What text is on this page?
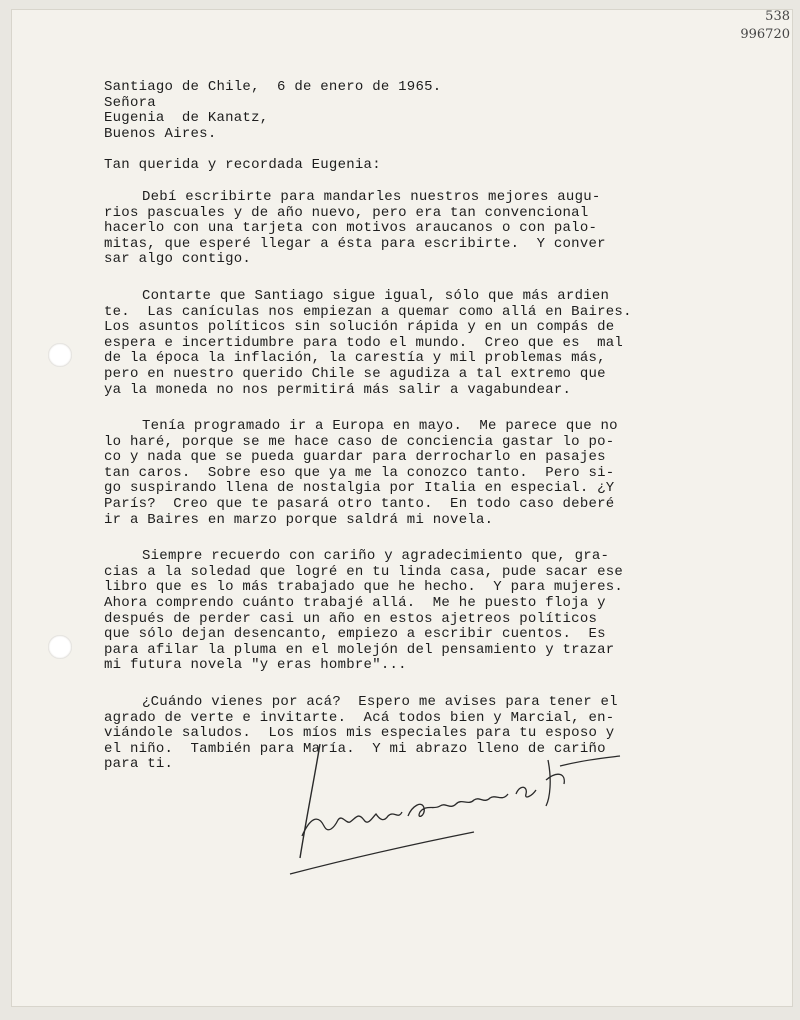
538
996720
Santiago de Chile,  6 de enero de 1965.
Señora
Eugenia  de Kanatz,
Buenos Aires.
Tan querida y recordada Eugenia:
Debí escribirte para mandarles nuestros mejores augu-
rios pascuales y de año nuevo, pero era tan convencional
hacerlo con una tarjeta con motivos araucanos o con palo-
mitas, que esperé llegar a ésta para escribirte.  Y conver
sar algo contigo.
Contarte que Santiago sigue igual, sólo que más ardien
te.  Las canículas nos empiezan a quemar como allá en Baires.
Los asuntos políticos sin solución rápida y en un compás de
espera e incertidumbre para todo el mundo.  Creo que es  mal
de la época la inflación, la carestía y mil problemas más,
pero en nuestro querido Chile se agudiza a tal extremo que
ya la moneda no nos permitirá más salir a vagabundear.
Tenía programado ir a Europa en mayo.  Me parece que no
lo haré, porque se me hace caso de conciencia gastar lo po-
co y nada que se pueda guardar para derrocharlo en pasajes
tan caros.  Sobre eso que ya me la conozco tanto.  Pero si-
go suspirando llena de nostalgia por Italia en especial. ¿Y
París?  Creo que te pasará otro tanto.  En todo caso deberé
ir a Baires en marzo porque saldrá mi novela.
Siempre recuerdo con cariño y agradecimiento que, gra-
cias a la soledad que logré en tu linda casa, pude sacar ese
libro que es lo más trabajado que he hecho.  Y para mujeres.
Ahora comprendo cuánto trabajé allá.  Me he puesto floja y
después de perder casi un año en estos ajetreos políticos
que sólo dejan desencanto, empiezo a escribir cuentos.  Es
para afilar la pluma en el molejón del pensamiento y trazar
mi futura novela "y eras hombre"...
¿Cuándo vienes por acá?  Espero me avises para tener el
agrado de verte e invitarte.  Acá todos bien y Marcial, en-
viándole saludos.  Los míos mis especiales para tu esposo y
el niño.  También para María.  Y mi abrazo lleno de cariño
para ti.
